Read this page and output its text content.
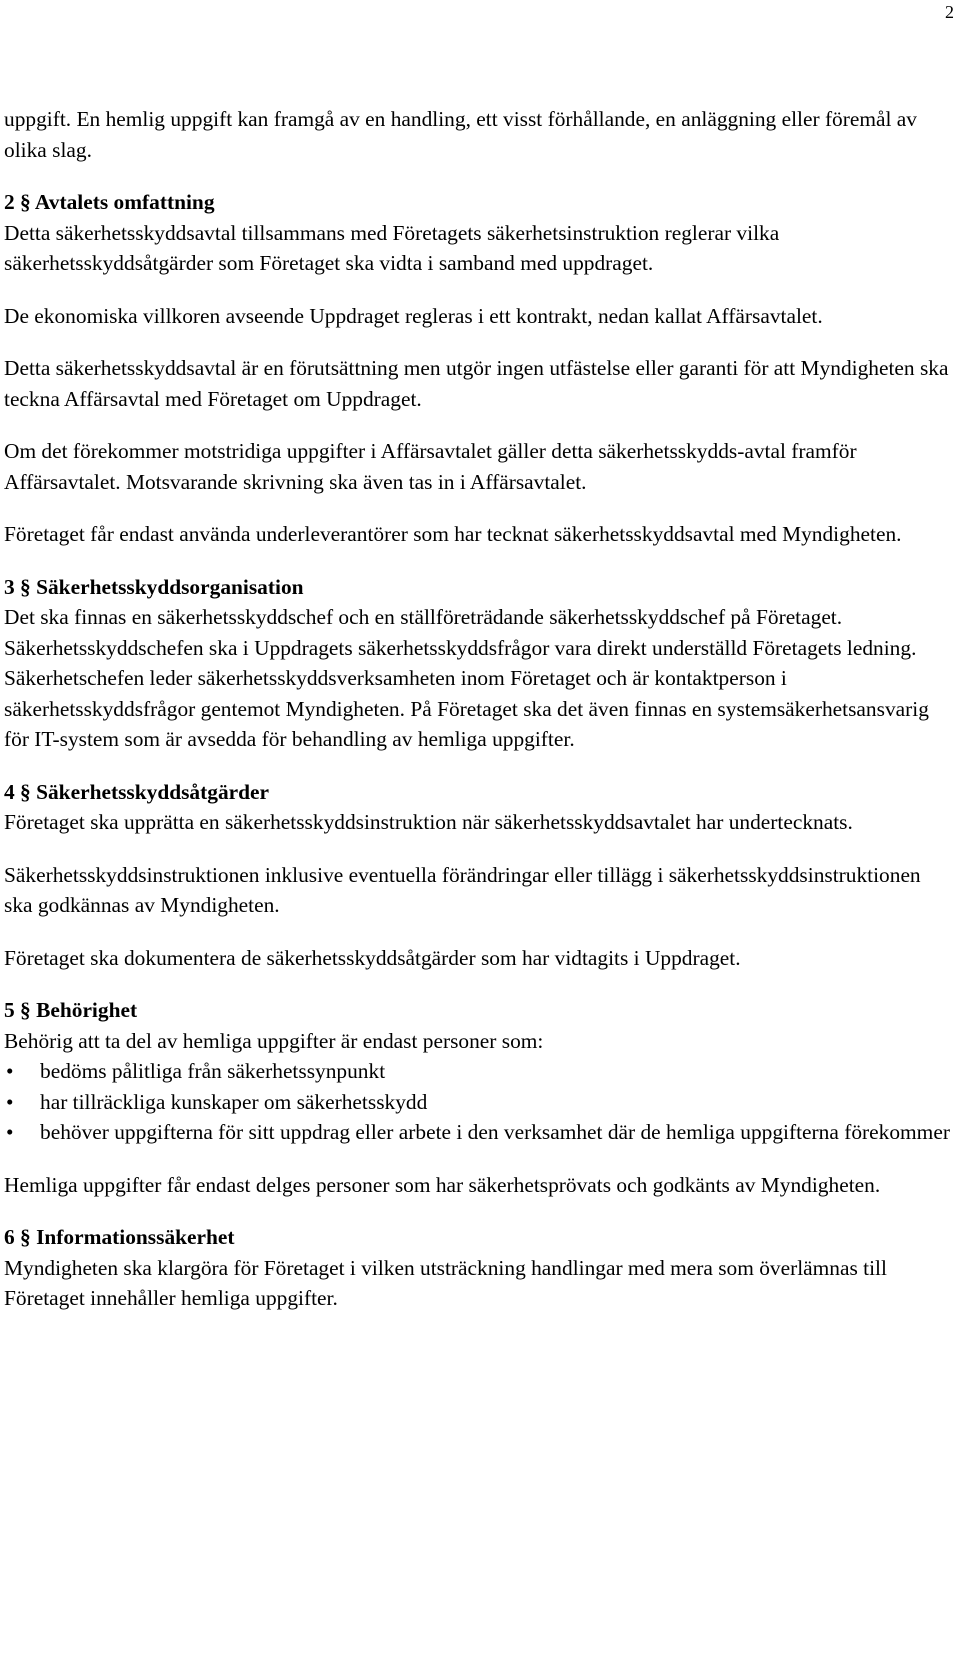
2

uppgift. En hemlig uppgift kan framgå av en handling, ett visst förhållande, en anläggning eller föremål av olika slag.

2 § Avtalets omfattning

Detta säkerhetsskyddsavtal tillsammans med Företagets säkerhetsinstruktion reglerar vilka säkerhetsskyddsåtgärder som Företaget ska vidta i samband med uppdraget.

De ekonomiska villkoren avseende Uppdraget regleras i ett kontrakt, nedan kallat Affärsavtalet.

Detta säkerhetsskyddsavtal är en förutsättning men utgör ingen utfästelse eller garanti för att Myndigheten ska teckna Affärsavtal med Företaget om Uppdraget.

Om det förekommer motstridiga uppgifter i Affärsavtalet gäller detta säkerhetsskydds-avtal framför Affärsavtalet. Motsvarande skrivning ska även tas in i Affärsavtalet.

Företaget får endast använda underleverantörer som har tecknat säkerhetsskyddsavtal med Myndigheten.

3 § Säkerhetsskyddsorganisation

Det ska finnas en säkerhetsskyddschef och en ställföreträdande säkerhetsskyddschef på Företaget. Säkerhetsskyddschefen ska i Uppdragets säkerhetsskyddsfrågor vara direkt underställd Företagets ledning. Säkerhetschefen leder säkerhetsskyddsverksamheten inom Företaget och är kontaktperson i säkerhetsskyddsfrågor gentemot Myndigheten. På Företaget ska det även finnas en systemsäkerhetsansvarig för IT-system som är avsedda för behandling av hemliga uppgifter.

4 § Säkerhetsskyddsåtgärder

Företaget ska upprätta en säkerhetsskyddsinstruktion när säkerhetsskyddsavtalet har undertecknats.

Säkerhetsskyddsinstruktionen inklusive eventuella förändringar eller tillägg i säkerhetsskyddsinstruktionen ska godkännas av Myndigheten.

Företaget ska dokumentera de säkerhetsskyddsåtgärder som har vidtagits i Uppdraget.

5 § Behörighet

Behörig att ta del av hemliga uppgifter är endast personer som:

• bedöms pålitliga från säkerhetssynpunkt
• har tillräckliga kunskaper om säkerhetsskydd
• behöver uppgifterna för sitt uppdrag eller arbete i den verksamhet där de hemliga uppgifterna förekommer

Hemliga uppgifter får endast delges personer som har säkerhetsprövats och godkänts av Myndigheten.

6 § Informationssäkerhet

Myndigheten ska klargöra för Företaget i vilken utsträckning handlingar med mera som överlämnas till Företaget innehåller hemliga uppgifter.
